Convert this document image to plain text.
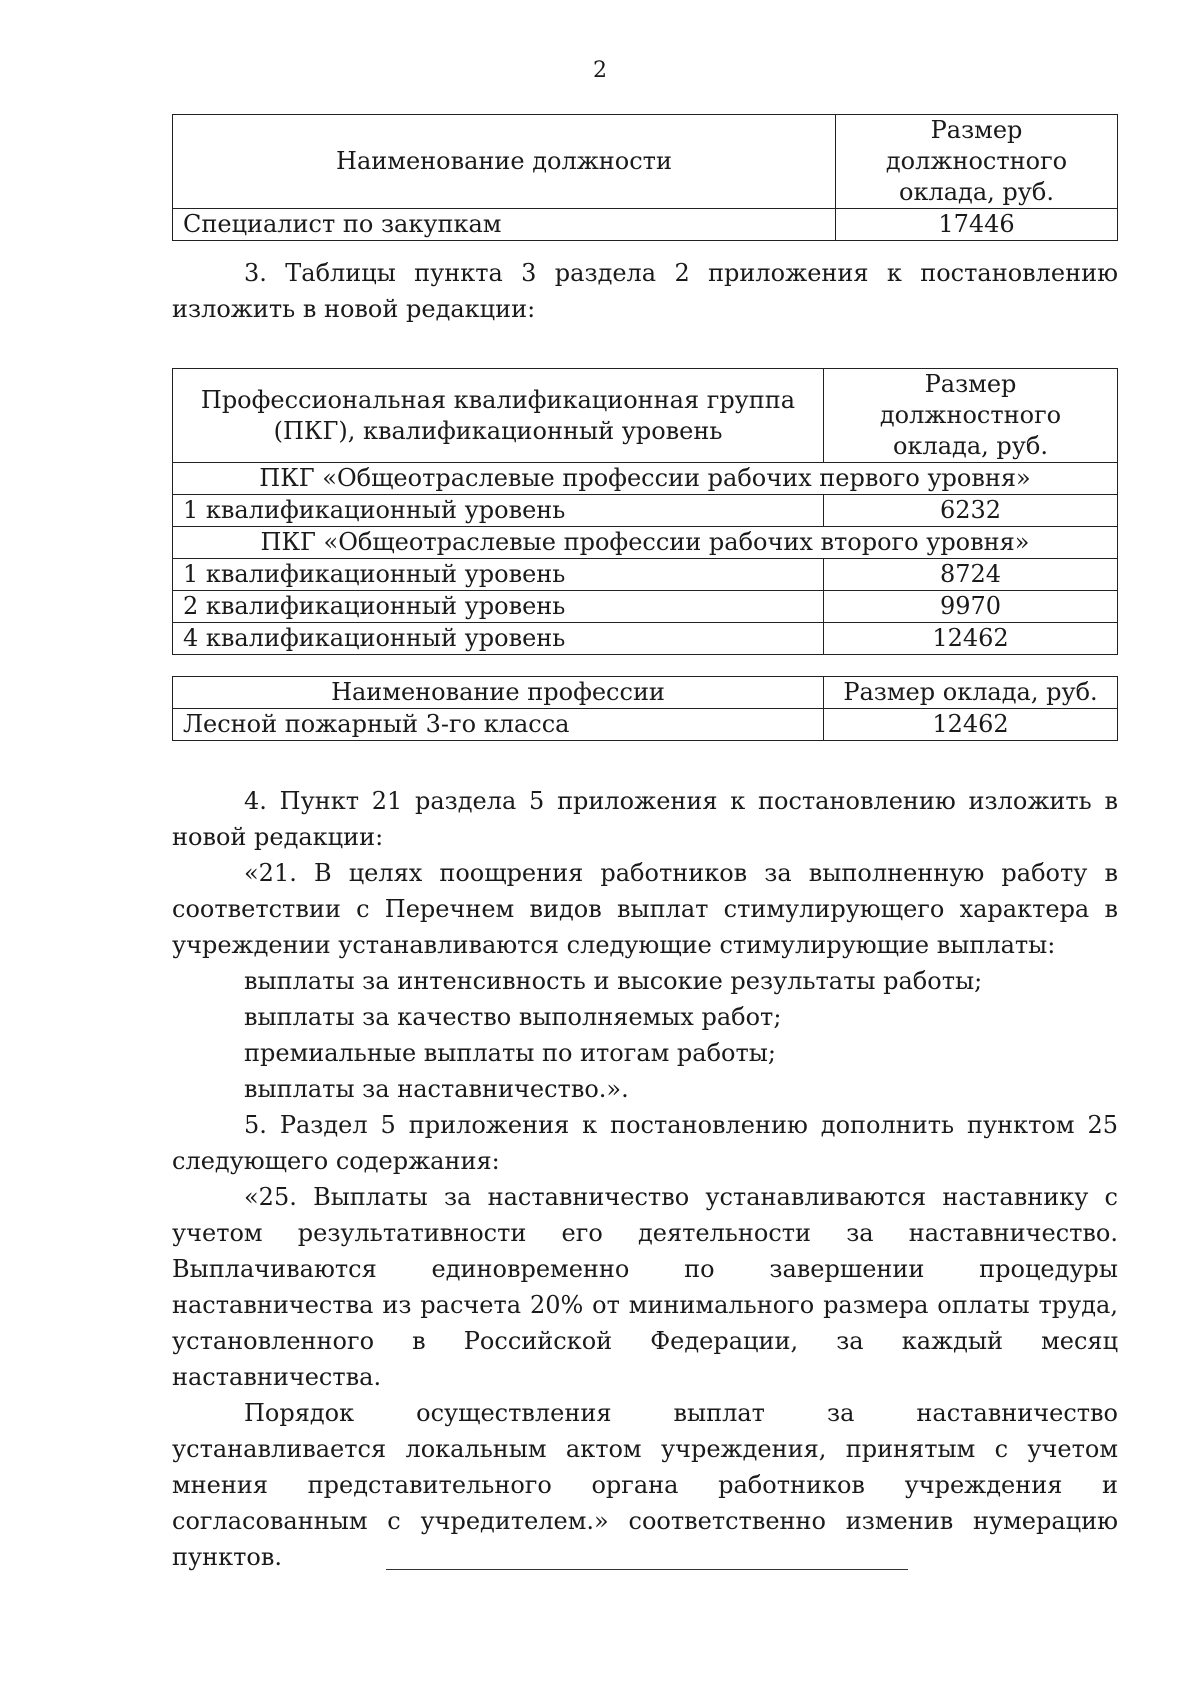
2
Наименование должности	Размер должностного оклада, руб.
Специалист по закупкам	17446

3. Таблицы пункта 3 раздела 2 приложения к постановлению изложить в новой редакции:

Профессиональная квалификационная группа (ПКГ), квалификационный уровень	Размер должностного оклада, руб.
ПКГ «Общеотраслевые профессии рабочих первого уровня»	
1 квалификационный уровень	6232
ПКГ «Общеотраслевые профессии рабочих второго уровня»	
1 квалификационный уровень	8724
2 квалификационный уровень	9970
4 квалификационный уровень	12462
Наименование профессии	Размер оклада, руб.
Лесной пожарный 3-го класса	12462

4. Пункт 21 раздела 5 приложения к постановлению изложить в новой редакции:

«21. В целях поощрения работников за выполненную работу в соответствии с Перечнем видов выплат стимулирующего характера в учреждении устанавливаются следующие стимулирующие выплаты:

выплаты за интенсивность и высокие результаты работы;

выплаты за качество выполняемых работ;

премиальные выплаты по итогам работы;

выплаты за наставничество.».

5. Раздел 5 приложения к постановлению дополнить пунктом 25 следующего содержания:

«25. Выплаты за наставничество устанавливаются наставнику с учетом результативности его деятельности за наставничество. Выплачиваются единовременно по завершении процедуры наставничества из расчета 20% от минимального размера оплаты труда, установленного в Российской Федерации, за каждый месяц наставничества.

Порядок осуществления выплат за наставничество устанавливается локальным актом учреждения, принятым с учетом мнения представительного органа работников учреждения и согласованным с учредителем.» соответственно изменив нумерацию пунктов.
